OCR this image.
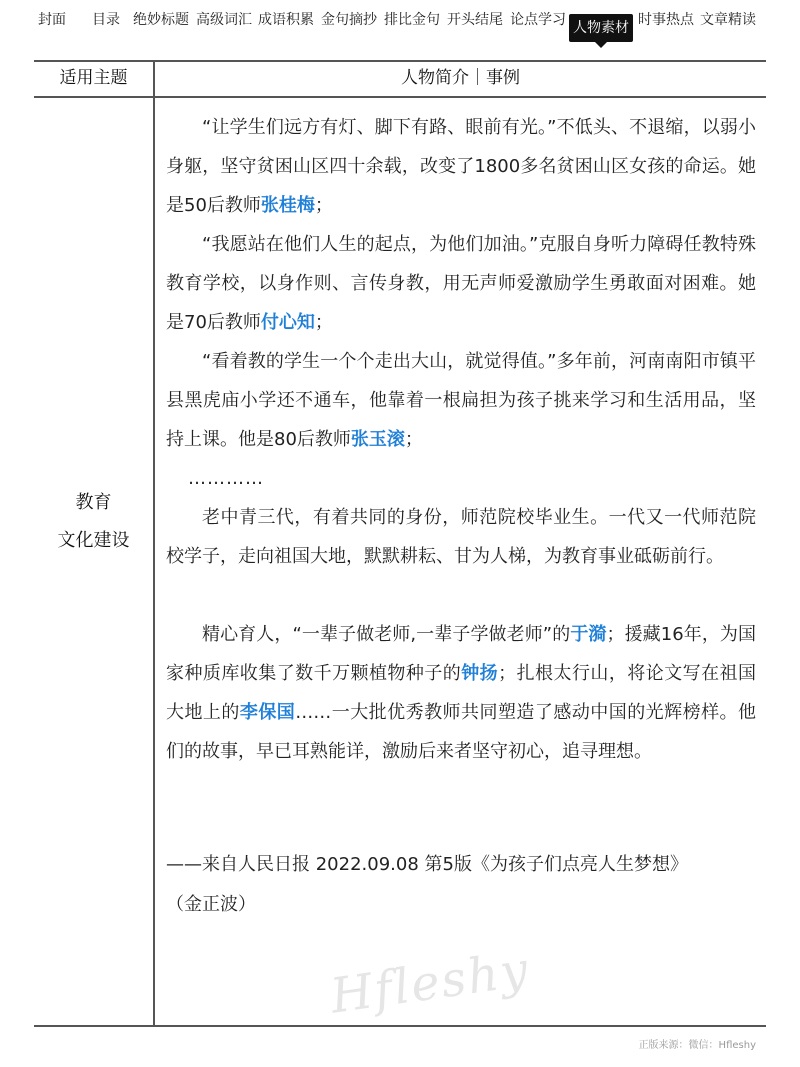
封面 目录 绝妙标题 高级词汇 成语积累 金句摘抄 排比金句 开头结尾 论点学习 人物素材 时事热点 文章精读
适用主题	人物简介｜事例
教育
文化建设

“让学生们远方有灯、脚下有路、眼前有光。”不低头、不退缩，以弱小身躯，坚守贫困山区四十余载，改变了1800多名贫困山区女孩的命运。她是50后教师张桂梅；

“我愿站在他们人生的起点，为他们加油。”克服自身听力障碍任教特殊教育学校，以身作则、言传身教，用无声师爱激励学生勇敢面对困难。她是70后教师付心知；

“看着教的学生一个个走出大山，就觉得值。”多年前，河南南阳市镇平县黑虎庙小学还不通车，他靠着一根扁担为孩子挑来学习和生活用品，坚持上课。他是80后教师张玉滚；

…………

老中青三代，有着共同的身份，师范院校毕业生。一代又一代师范院校学子，走向祖国大地，默默耕耘、甘为人梯，为教育事业砥砺前行。

精心育人，“一辈子做老师,一辈子学做老师”的于漪；援藏16年，为国家种质库收集了数千万颗植物种子的钟扬；扎根太行山，将论文写在祖国大地上的李保国……一大批优秀教师共同塑造了感动中国的光辉榜样。他们的故事，早已耳熟能详，激励后来者坚守初心，追寻理想。

——来自人民日报 2022.09.08 第5版《为孩子们点亮人生梦想》
（金正波）
Hfleshy
正版来源：微信：Hfleshy
